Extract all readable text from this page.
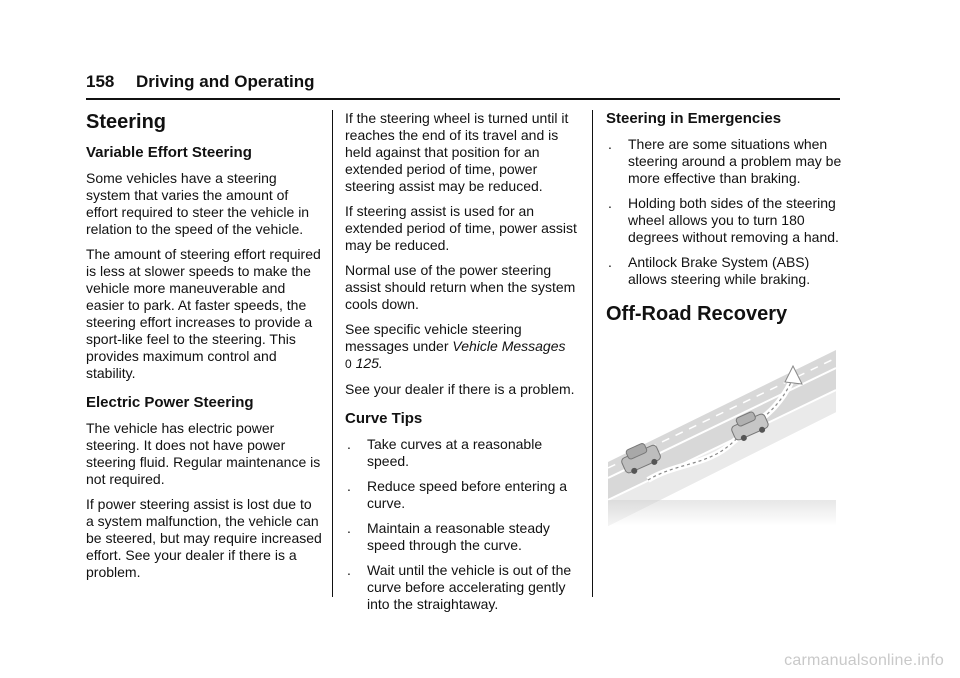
158 Driving and Operating
Steering
Variable Effort Steering

Some vehicles have a steering system that varies the amount of effort required to steer the vehicle in relation to the speed of the vehicle.

The amount of steering effort required is less at slower speeds to make the vehicle more maneuverable and easier to park. At faster speeds, the steering effort increases to provide a sport-like feel to the steering. This provides maximum control and stability.

Electric Power Steering

The vehicle has electric power steering. It does not have power steering fluid. Regular maintenance is not required.

If power steering assist is lost due to a system malfunction, the vehicle can be steered, but may require increased effort. See your dealer if there is a problem.

If the steering wheel is turned until it reaches the end of its travel and is held against that position for an extended period of time, power steering assist may be reduced.

If steering assist is used for an extended period of time, power assist may be reduced.

Normal use of the power steering assist should return when the system cools down.

See specific vehicle steering messages under Vehicle Messages
0 125.

See your dealer if there is a problem.

Curve Tips
. Take curves at a reasonable speed.
. Reduce speed before entering a curve.
. Maintain a reasonable steady speed through the curve.
. Wait until the vehicle is out of the curve before accelerating gently into the straightaway.
Steering in Emergencies
. There are some situations when steering around a problem may be more effective than braking.
. Holding both sides of the steering wheel allows you to turn 180 degrees without removing a hand.
. Antilock Brake System (ABS) allows steering while braking.
Off-Road Recovery
carmanualsonline.info
